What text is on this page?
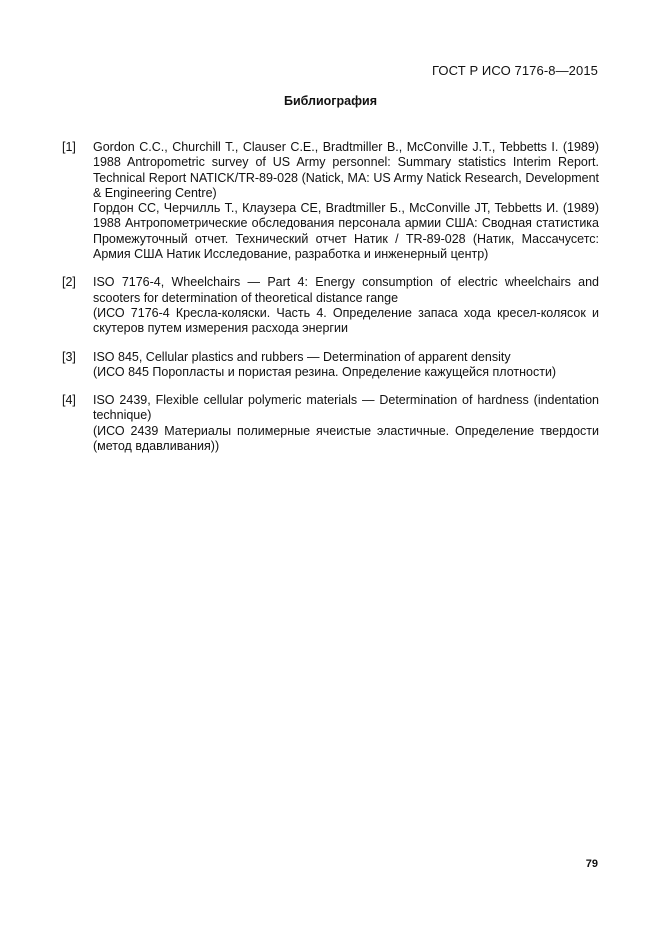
ГОСТ Р ИСО 7176-8—2015
Библиография
[1]	Gordon C.C., Churchill T., Clauser C.E., Bradtmiller B., McConville J.T., Tebbetts I. (1989) 1988 Antropometric survey of US Army personnel: Summary statistics Interim Report. Technical Report NATICK/TR-89-028 (Natick, MA: US Army Natick Research, Development & Engineering Centre)
Гордон СС, Черчилль Т., Клаузера СЕ, Bradtmiller Б., McConville JT, Tebbetts И. (1989) 1988 Антропометрические обследования персонала армии США: Сводная статистика Промежуточный отчет. Технический отчет Натик / TR-89-028 (Натик, Массачусетс: Армия США Натик Исследование, разработка и инженерный центр)
[2]	ISO 7176-4, Wheelchairs — Part 4: Energy consumption of electric wheelchairs and scooters for determination of theoretical distance range
(ИСО 7176-4 Кресла-коляски. Часть 4. Определение запаса хода кресел-колясок и скутеров путем измерения расхода энергии
[3]	ISO 845, Cellular plastics and rubbers — Determination of apparent density
(ИСО 845 Поропласты и пористая резина. Определение кажущейся плотности)
[4]	ISO 2439, Flexible cellular polymeric materials — Determination of hardness (indentation technique)
(ИСО 2439 Материалы полимерные ячеистые эластичные. Определение твердости (метод вдавливания))
79
